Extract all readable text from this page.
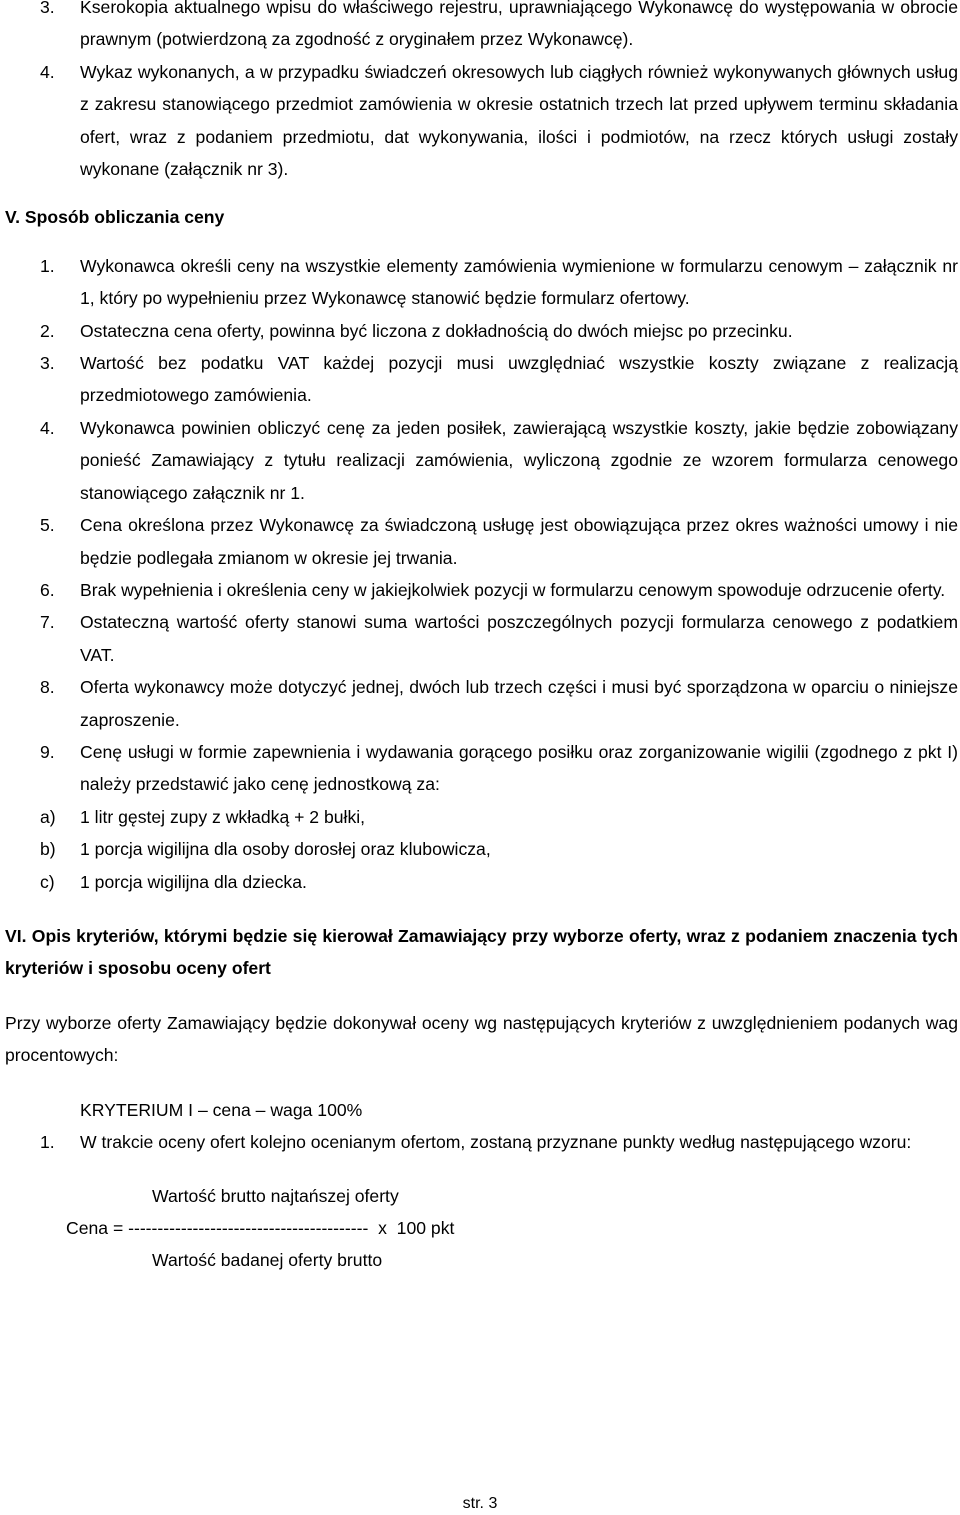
3. Kserokopia aktualnego wpisu do właściwego rejestru, uprawniającego Wykonawcę do występowania w obrocie prawnym (potwierdzoną za zgodność z oryginałem przez Wykonawcę).
4. Wykaz wykonanych, a w przypadku świadczeń okresowych lub ciągłych również wykonywanych głównych usług z zakresu stanowiącego przedmiot zamówienia w okresie ostatnich trzech lat przed upływem terminu składania ofert, wraz z podaniem przedmiotu, dat wykonywania, ilości i podmiotów, na rzecz których usługi zostały wykonane (załącznik nr 3).
V. Sposób obliczania ceny
1. Wykonawca określi ceny na wszystkie elementy zamówienia wymienione w formularzu cenowym – załącznik nr 1, który po wypełnieniu przez Wykonawcę stanowić będzie formularz ofertowy.
2. Ostateczna cena oferty, powinna być liczona z dokładnością do dwóch miejsc po przecinku.
3. Wartość bez podatku VAT każdej pozycji musi uwzględniać wszystkie koszty związane z realizacją przedmiotowego zamówienia.
4. Wykonawca powinien obliczyć cenę za jeden posiłek, zawierającą wszystkie koszty, jakie będzie zobowiązany ponieść Zamawiający z tytułu realizacji zamówienia, wyliczoną zgodnie ze wzorem formularza cenowego stanowiącego załącznik nr 1.
5. Cena określona przez Wykonawcę za świadczoną usługę jest obowiązująca przez okres ważności umowy i nie będzie podlegała zmianom w okresie jej trwania.
6. Brak wypełnienia i określenia ceny w jakiejkolwiek pozycji w formularzu cenowym spowoduje odrzucenie oferty.
7. Ostateczną wartość oferty stanowi suma wartości poszczególnych pozycji formularza cenowego z podatkiem VAT.
8. Oferta wykonawcy może dotyczyć jednej, dwóch lub trzech części i musi być sporządzona w oparciu o niniejsze zaproszenie.
9. Cenę usługi w formie zapewnienia i wydawania gorącego posiłku oraz zorganizowanie wigilii (zgodnego z pkt I) należy przedstawić jako cenę jednostkową za:
a) 1 litr gęstej zupy z wkładką + 2 bułki,
b) 1 porcja wigilijna dla osoby dorosłej oraz klubowicza,
c) 1 porcja wigilijna dla dziecka.
VI. Opis kryteriów, którymi będzie się kierował Zamawiający przy wyborze oferty, wraz z podaniem znaczenia tych kryteriów i sposobu oceny ofert
Przy wyborze oferty Zamawiający będzie dokonywał oceny wg następujących kryteriów z uwzględnieniem podanych wag procentowych:
KRYTERIUM I – cena – waga 100%
1. W trakcie oceny ofert kolejno ocenianym ofertom, zostaną przyznane punkty według następującego wzoru:
Wartość brutto najtańszej oferty
Cena = -----------------------------------------  x  100 pkt
Wartość badanej oferty brutto
str. 3
